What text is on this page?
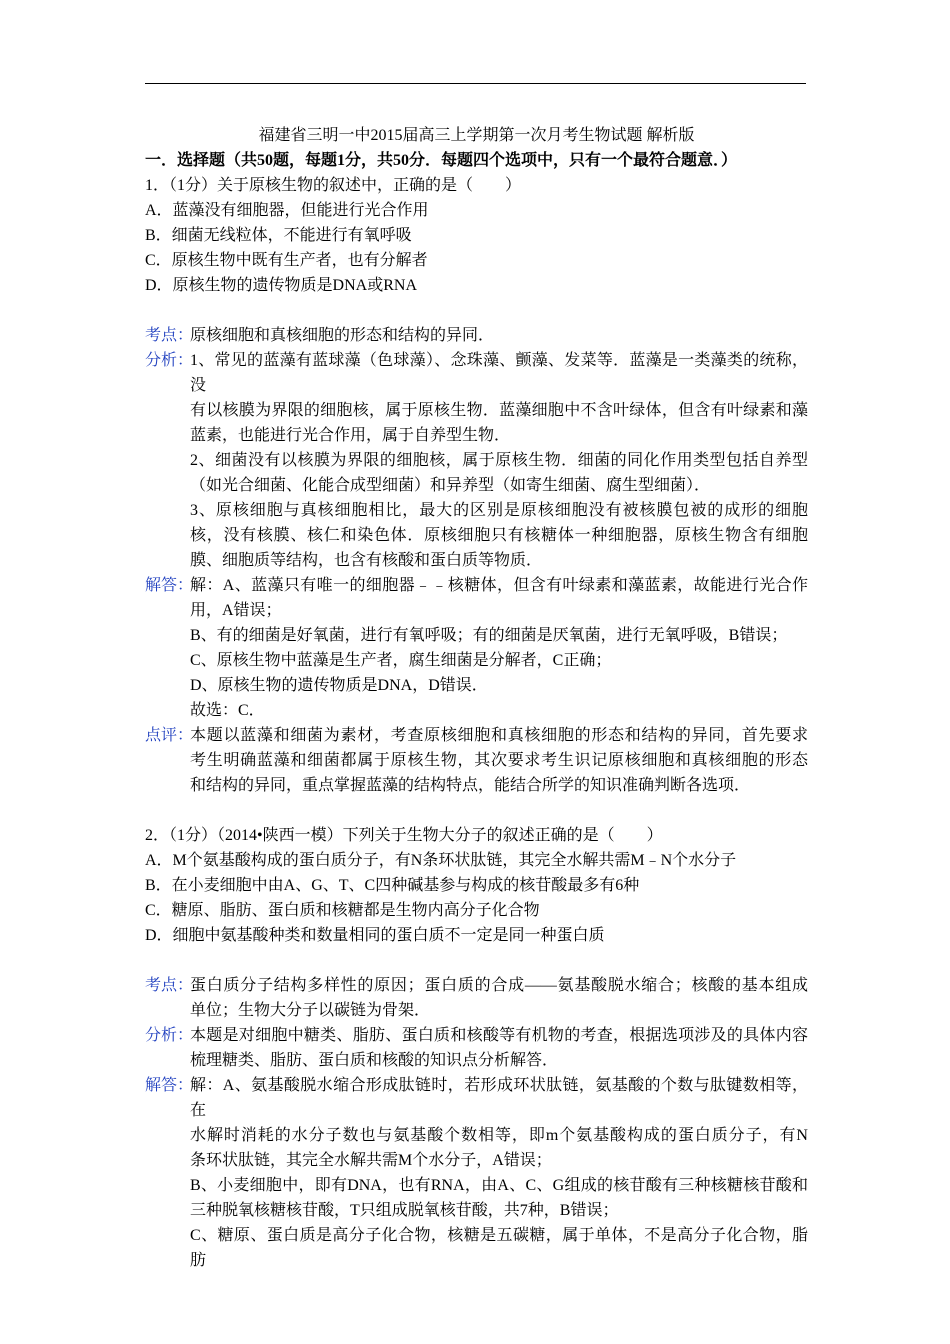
福建省三明一中2015届高三上学期第一次月考生物试题 解析版
一．选择题（共50题，每题1分，共50分．每题四个选项中，只有一个最符合题意．）
1．（1分）关于原核生物的叙述中，正确的是（　　）
A．蓝藻没有细胞器，但能进行光合作用
B．细菌无线粒体，不能进行有氧呼吸
C．原核生物中既有生产者，也有分解者
D．原核生物的遗传物质是DNA或RNA
考点：
原核细胞和真核细胞的形态和结构的异同．
分析：
1、常见的蓝藻有蓝球藻（色球藻）、念珠藻、颤藻、发菜等．蓝藻是一类藻类的统称，没
有以核膜为界限的细胞核，属于原核生物．蓝藻细胞中不含叶绿体，但含有叶绿素和藻
蓝素，也能进行光合作用，属于自养型生物．
2、细菌没有以核膜为界限的细胞核，属于原核生物．细菌的同化作用类型包括自养型
（如光合细菌、化能合成型细菌）和异养型（如寄生细菌、腐生型细菌）．
3、原核细胞与真核细胞相比，最大的区别是原核细胞没有被核膜包被的成形的细胞
核，没有核膜、核仁和染色体．原核细胞只有核糖体一种细胞器，原核生物含有细胞
膜、细胞质等结构，也含有核酸和蛋白质等物质．
解答：
解：A、蓝藻只有唯一的细胞器﹣﹣核糖体，但含有叶绿素和藻蓝素，故能进行光合作
用，A错误；
B、有的细菌是好氧菌，进行有氧呼吸；有的细菌是厌氧菌，进行无氧呼吸，B错误；
C、原核生物中蓝藻是生产者，腐生细菌是分解者，C正确；
D、原核生物的遗传物质是DNA，D错误．
故选：C．
点评：
本题以蓝藻和细菌为素材，考查原核细胞和真核细胞的形态和结构的异同，首先要求
考生明确蓝藻和细菌都属于原核生物，其次要求考生识记原核细胞和真核细胞的形态
和结构的异同，重点掌握蓝藻的结构特点，能结合所学的知识准确判断各选项．
2．（1分）（2014•陕西一模）下列关于生物大分子的叙述正确的是（　　）
A．M个氨基酸构成的蛋白质分子，有N条环状肽链，其完全水解共需M﹣N个水分子
B．在小麦细胞中由A、G、T、C四种碱基参与构成的核苷酸最多有6种
C．糖原、脂肪、蛋白质和核糖都是生物内高分子化合物
D．细胞中氨基酸种类和数量相同的蛋白质不一定是同一种蛋白质
考点：
蛋白质分子结构多样性的原因；蛋白质的合成——氨基酸脱水缩合；核酸的基本组成
单位；生物大分子以碳链为骨架．
分析：
本题是对细胞中糖类、脂肪、蛋白质和核酸等有机物的考查，根据选项涉及的具体内容
梳理糖类、脂肪、蛋白质和核酸的知识点分析解答．
解答：
解：A、氨基酸脱水缩合形成肽链时，若形成环状肽链，氨基酸的个数与肽键数相等，在
水解时消耗的水分子数也与氨基酸个数相等，即m个氨基酸构成的蛋白质分子，有N
条环状肽链，其完全水解共需M个水分子，A错误；
B、小麦细胞中，即有DNA，也有RNA，由A、C、G组成的核苷酸有三种核糖核苷酸和
三种脱氧核糖核苷酸，T只组成脱氧核苷酸，共7种，B错误；
C、糖原、蛋白质是高分子化合物，核糖是五碳糖，属于单体，不是高分子化合物，脂肪
